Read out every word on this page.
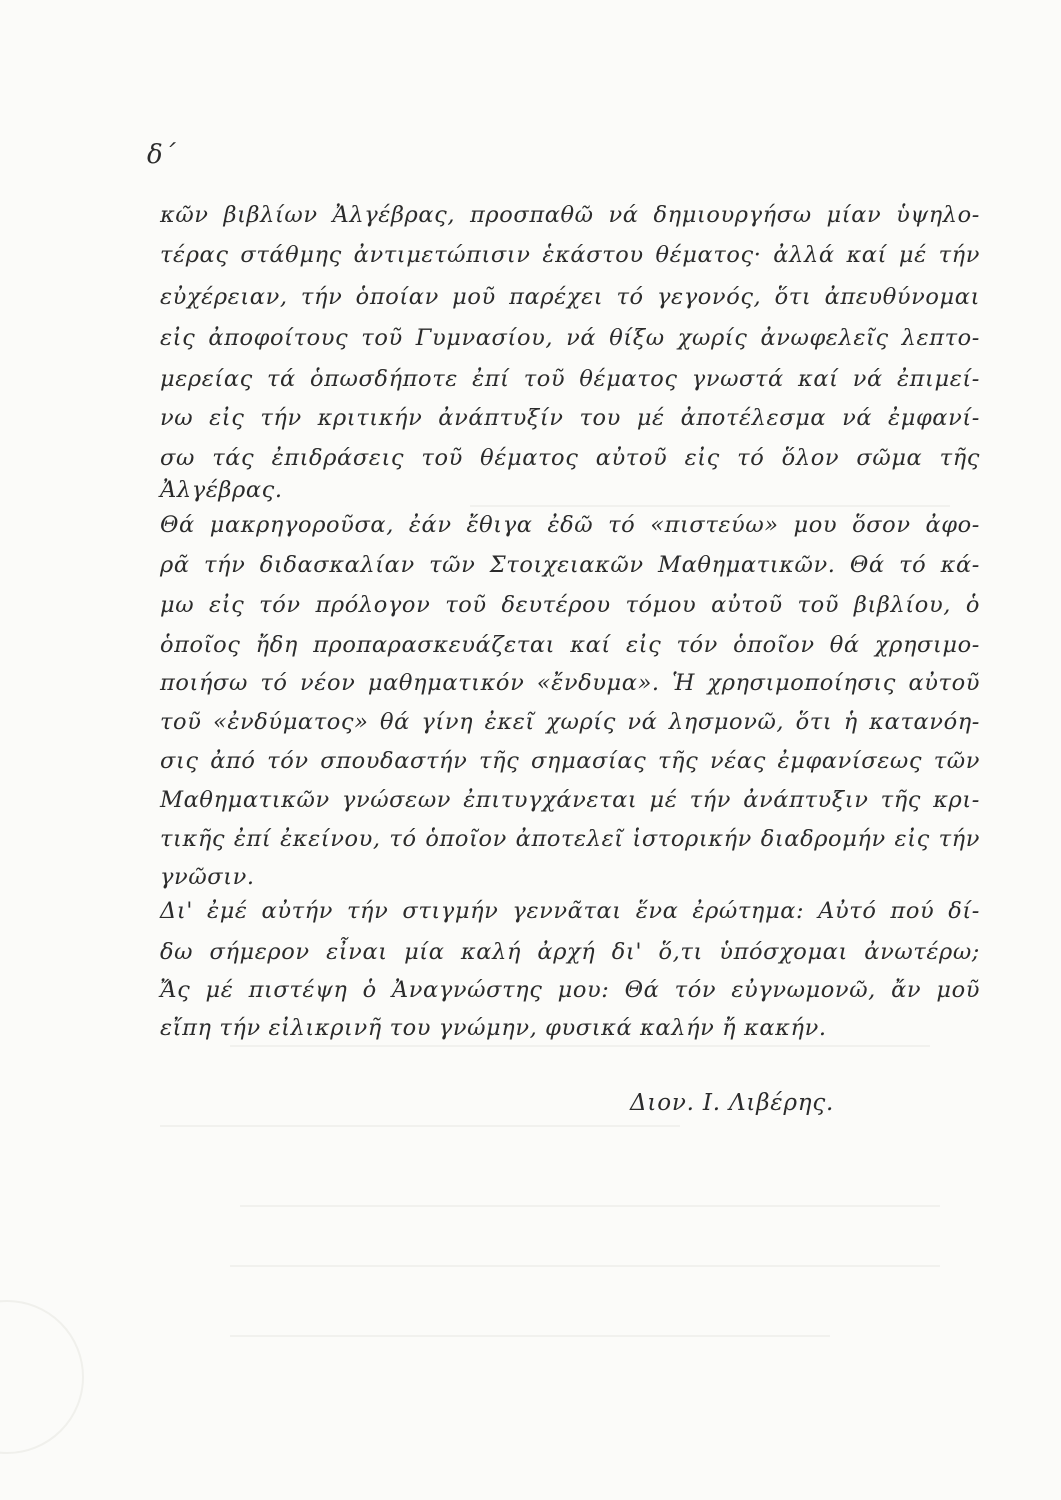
δ΄
κῶν βιβλίων Ἀλγέβρας, προσπαθῶ νά δημιουργήσω μίαν ὑψηλο-
τέρας στάθμης ἀντιμετώπισιν ἑκάστου θέματος· ἀλλά καί μέ τήν
εὐχέρειαν, τήν ὁποίαν μοῦ παρέχει τό γεγονός, ὅτι ἀπευθύνομαι
εἰς ἀποφοίτους τοῦ Γυμνασίου, νά θίξω χωρίς ἀνωφελεῖς λεπτο-
μερείας τά ὁπωσδήποτε ἐπί τοῦ θέματος γνωστά καί νά ἐπιμεί-
νω εἰς τήν κριτικήν ἀνάπτυξίν του μέ ἀποτέλεσμα νά ἐμφανί-
σω τάς ἐπιδράσεις τοῦ θέματος αὐτοῦ εἰς τό ὅλον σῶμα τῆς
Ἀλγέβρας.
Θά μακρηγοροῦσα, ἐάν ἔθιγα ἐδῶ τό «πιστεύω» μου ὅσον ἀφο-
ρᾶ τήν διδασκαλίαν τῶν Στοιχειακῶν Μαθηματικῶν. Θά τό κά-
μω εἰς τόν πρόλογον τοῦ δευτέρου τόμου αὐτοῦ τοῦ βιβλίου, ὁ
ὁποῖος ἤδη προπαρασκευάζεται καί εἰς τόν ὁποῖον θά χρησιμο-
ποιήσω τό νέον μαθηματικόν «ἔνδυμα». Ἡ χρησιμοποίησις αὐτοῦ
τοῦ «ἐνδύματος» θά γίνη ἐκεῖ χωρίς νά λησμονῶ, ὅτι ἡ κατανόη-
σις ἀπό τόν σπουδαστήν τῆς σημασίας τῆς νέας ἐμφανίσεως τῶν
Μαθηματικῶν γνώσεων ἐπιτυγχάνεται μέ τήν ἀνάπτυξιν τῆς κρι-
τικῆς ἐπί ἐκείνου, τό ὁποῖον ἀποτελεῖ ἱστορικήν διαδρομήν εἰς τήν
γνῶσιν.
Δι' ἐμέ αὐτήν τήν στιγμήν γεννᾶται ἕνα ἐρώτημα: Αὐτό πού δί-
δω σήμερον εἶναι μία καλή ἀρχή δι' ὅ,τι ὑπόσχομαι ἀνωτέρω;
Ἄς μέ πιστέψη ὁ Ἀναγνώστης μου: Θά τόν εὐγνωμονῶ, ἄν μοῦ
εἴπη τήν εἰλικρινῆ του γνώμην, φυσικά καλήν ἤ κακήν.
Διον. Ι. Λιβέρης.
